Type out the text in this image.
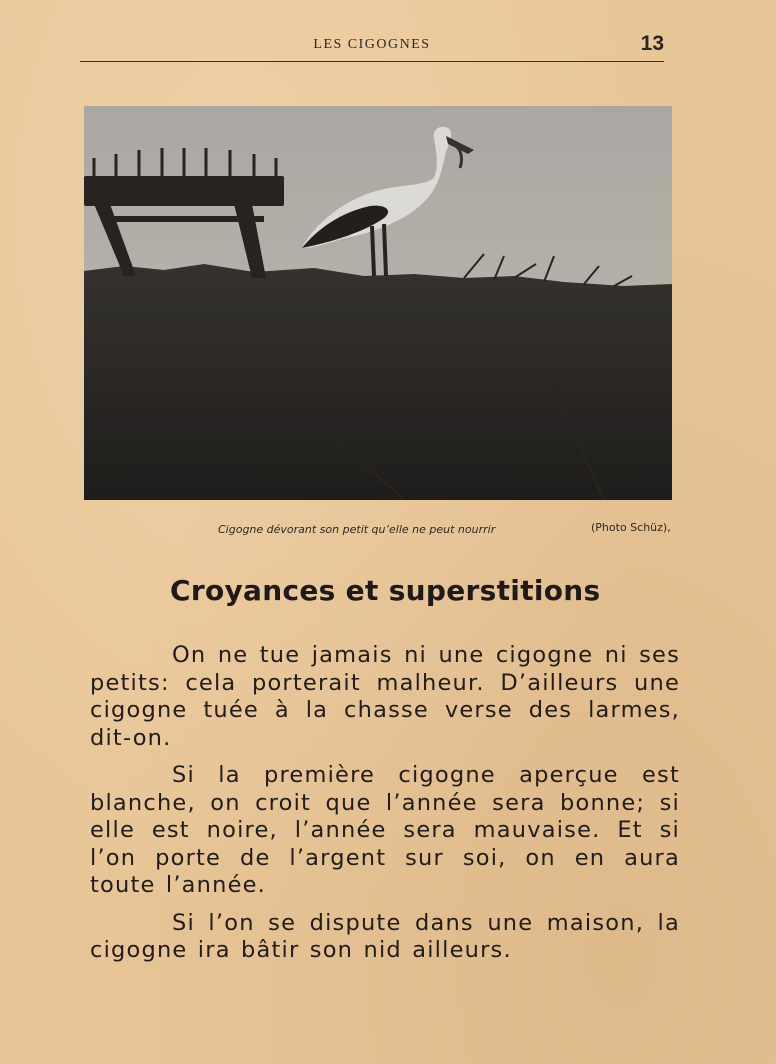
LES CIGOGNES	13
Cigogne dévorant son petit qu’elle ne peut nourrir	(Photo Schüz),
Croyances et superstitions

On ne tue jamais ni une cigogne ni ses petits: cela porterait malheur. D’ailleurs une cigogne tuée à la chasse verse des larmes, dit-on.

Si la première cigogne aperçue est blanche, on croit que l’année sera bonne; si elle est noire, l’année sera mauvaise. Et si l’on porte de l’argent sur soi, on en aura toute l’année.

Si l’on se dispute dans une maison, la cigogne ira bâtir son nid ailleurs.
